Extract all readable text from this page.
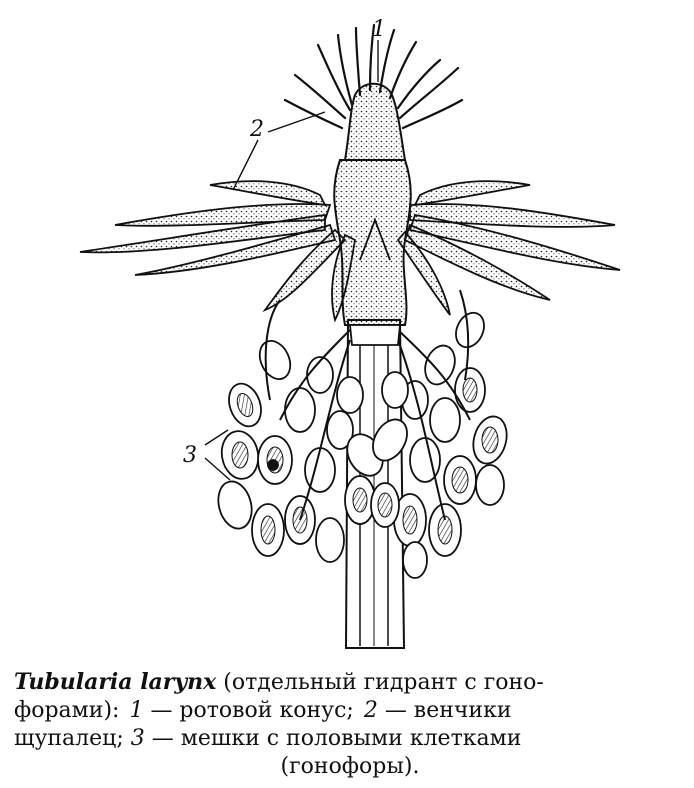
1
2
3
Tubularia larynx (отдельный гидрант с гоно-
форами): 1 — ротовой конус; 2 — венчики
щупалец; 3 — мешки с половыми клетками
(гонофоры).
